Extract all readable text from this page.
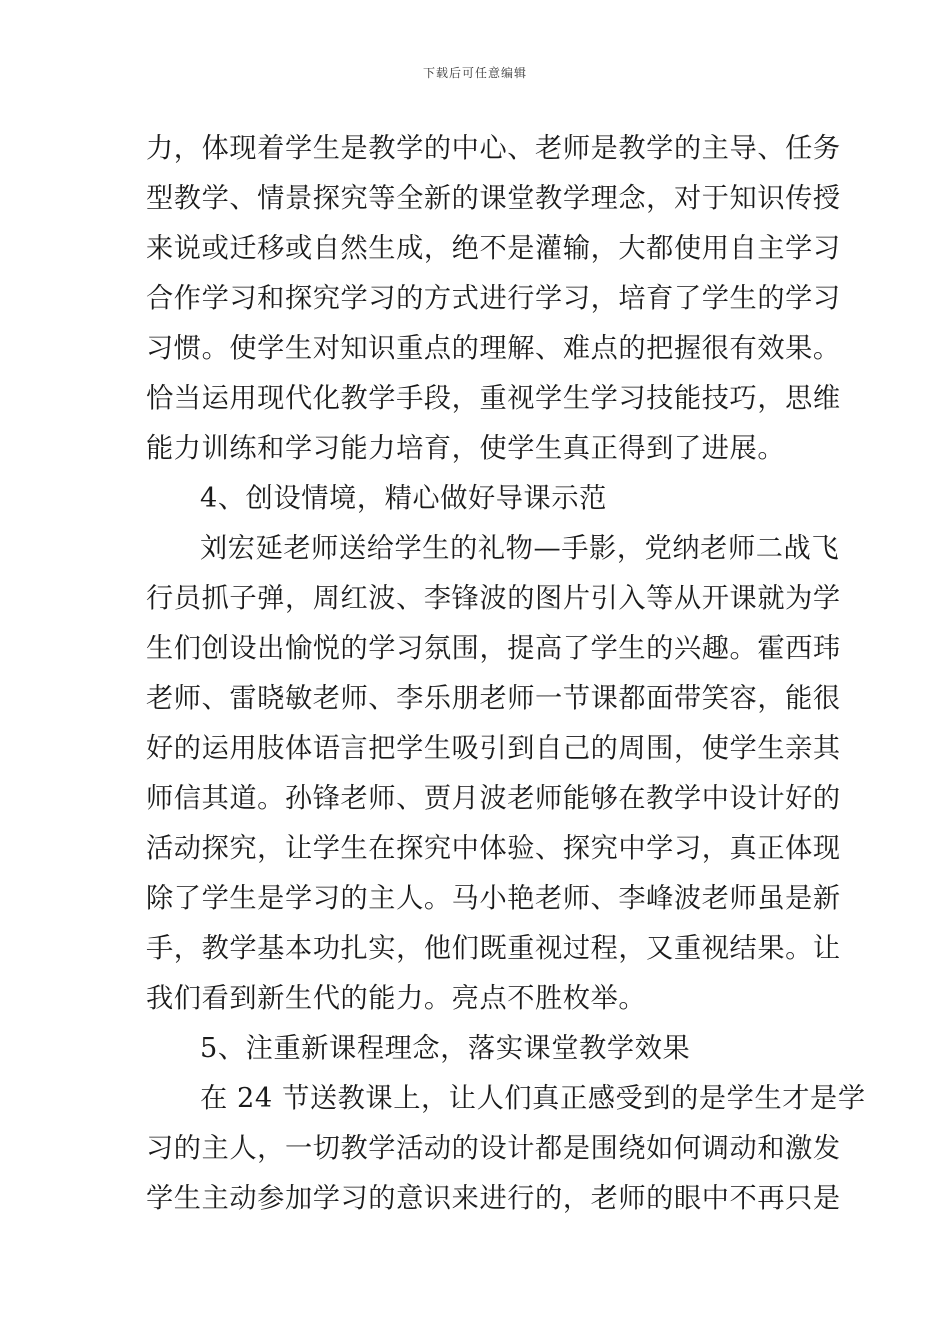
下载后可任意编辑
力，体现着学生是教学的中心、老师是教学的主导、任务
型教学、情景探究等全新的课堂教学理念，对于知识传授
来说或迁移或自然生成，绝不是灌输，大都使用自主学习
合作学习和探究学习的方式进行学习，培育了学生的学习
习惯。使学生对知识重点的理解、难点的把握很有效果。
恰当运用现代化教学手段，重视学生学习技能技巧，思维
能力训练和学习能力培育，使学生真正得到了进展。
4、创设情境，精心做好导课示范
刘宏延老师送给学生的礼物—手影，党纳老师二战飞
行员抓子弹，周红波、李锋波的图片引入等从开课就为学
生们创设出愉悦的学习氛围，提高了学生的兴趣。霍西玮
老师、雷晓敏老师、李乐朋老师一节课都面带笑容，能很
好的运用肢体语言把学生吸引到自己的周围，使学生亲其
师信其道。孙锋老师、贾月波老师能够在教学中设计好的
活动探究，让学生在探究中体验、探究中学习，真正体现
除了学生是学习的主人。马小艳老师、李峰波老师虽是新
手，教学基本功扎实，他们既重视过程，又重视结果。让
我们看到新生代的能力。亮点不胜枚举。
5、注重新课程理念，落实课堂教学效果
在 24 节送教课上，让人们真正感受到的是学生才是学
习的主人，一切教学活动的设计都是围绕如何调动和激发
学生主动参加学习的意识来进行的，老师的眼中不再只是
